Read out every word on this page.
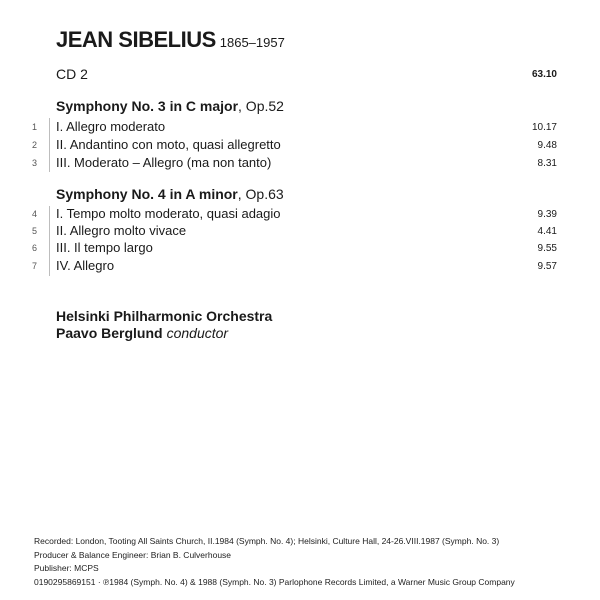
JEAN SIBELIUS 1865–1957
CD 2	63.10
Symphony No. 3 in C major, Op.52
1	I. Allegro moderato	10.17
2	II. Andantino con moto, quasi allegretto	9.48
3	III. Moderato – Allegro (ma non tanto)	8.31
Symphony No. 4 in A minor, Op.63
4	I. Tempo molto moderato, quasi adagio	9.39
5	II. Allegro molto vivace	4.41
6	III. Il tempo largo	9.55
7	IV. Allegro	9.57
Helsinki Philharmonic Orchestra
Paavo Berglund conductor
Recorded: London, Tooting All Saints Church, II.1984 (Symph. No. 4); Helsinki, Culture Hall, 24-26.VIII.1987 (Symph. No. 3)
Producer & Balance Engineer: Brian B. Culverhouse
Publisher: MCPS
0190295869151 · ℗1984 (Symph. No. 4) & 1988 (Symph. No. 3) Parlophone Records Limited, a Warner Music Group Company
